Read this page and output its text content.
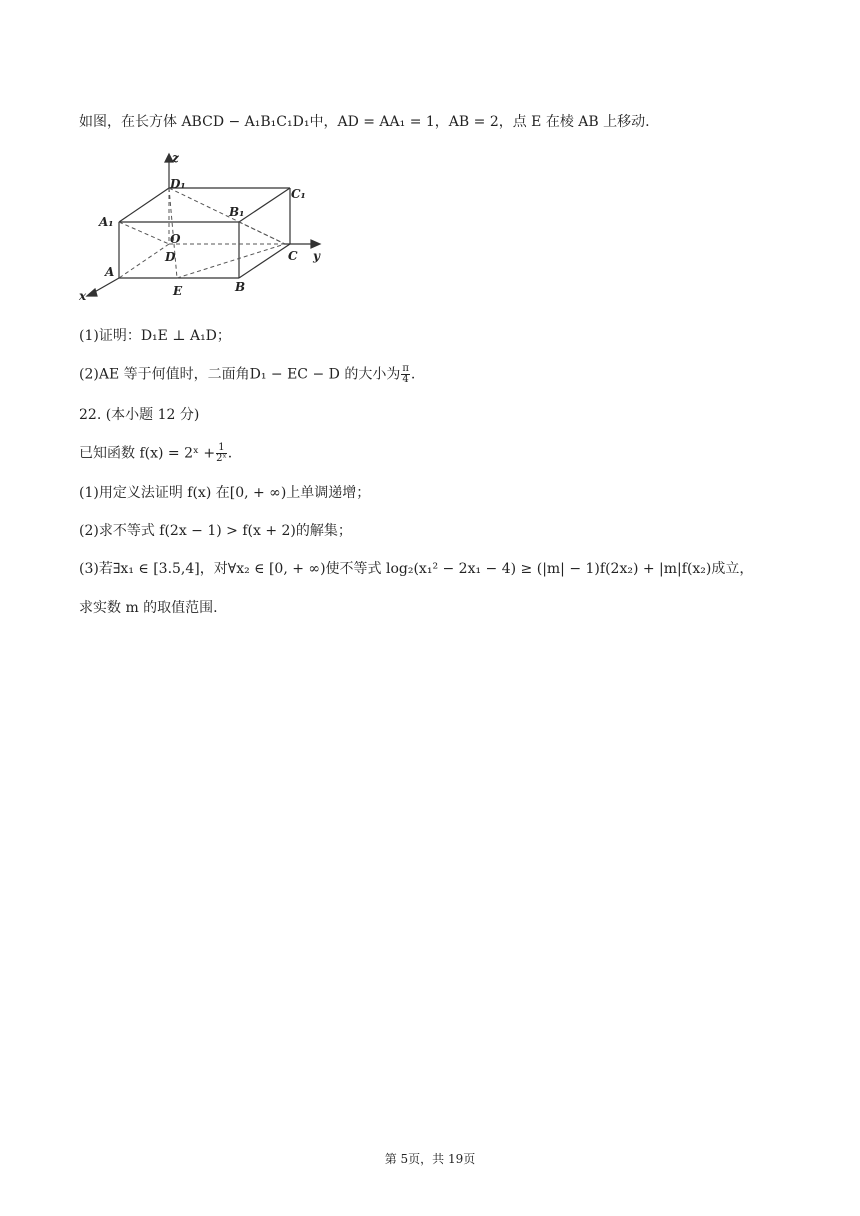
如图，在长方体 ABCD − A₁B₁C₁D₁中，AD = AA₁ = 1，AB = 2，点 E 在棱 AB 上移动.
z
y
x
D₁
C₁
A₁
B₁
O
D	C
A
E	B
(1)证明：D₁E ⊥ A₁D；
(2)AE 等于何值时，二面角D₁ − EC − D 的大小为 $\frac{\pi}{4}$ .
22. (本小题 12 分)
已知函数 f(x) = 2ˣ + $\frac{1}{\text{2ˣ}}$ .
(1)用定义法证明 f(x) 在[0, + ∞)上单调递增；
(2)求不等式 f(2x − 1) > f(x + 2)的解集；
(3)若∃x₁ ∈ [3.5,4]，对∀x₂ ∈ [0, + ∞)使不等式 log₂(x₁² − 2x₁ − 4) ≥ (|m| − 1)f(2x₂) + |m|f(x₂)成立，
求实数 m 的取值范围.
第 5页，共 19页
